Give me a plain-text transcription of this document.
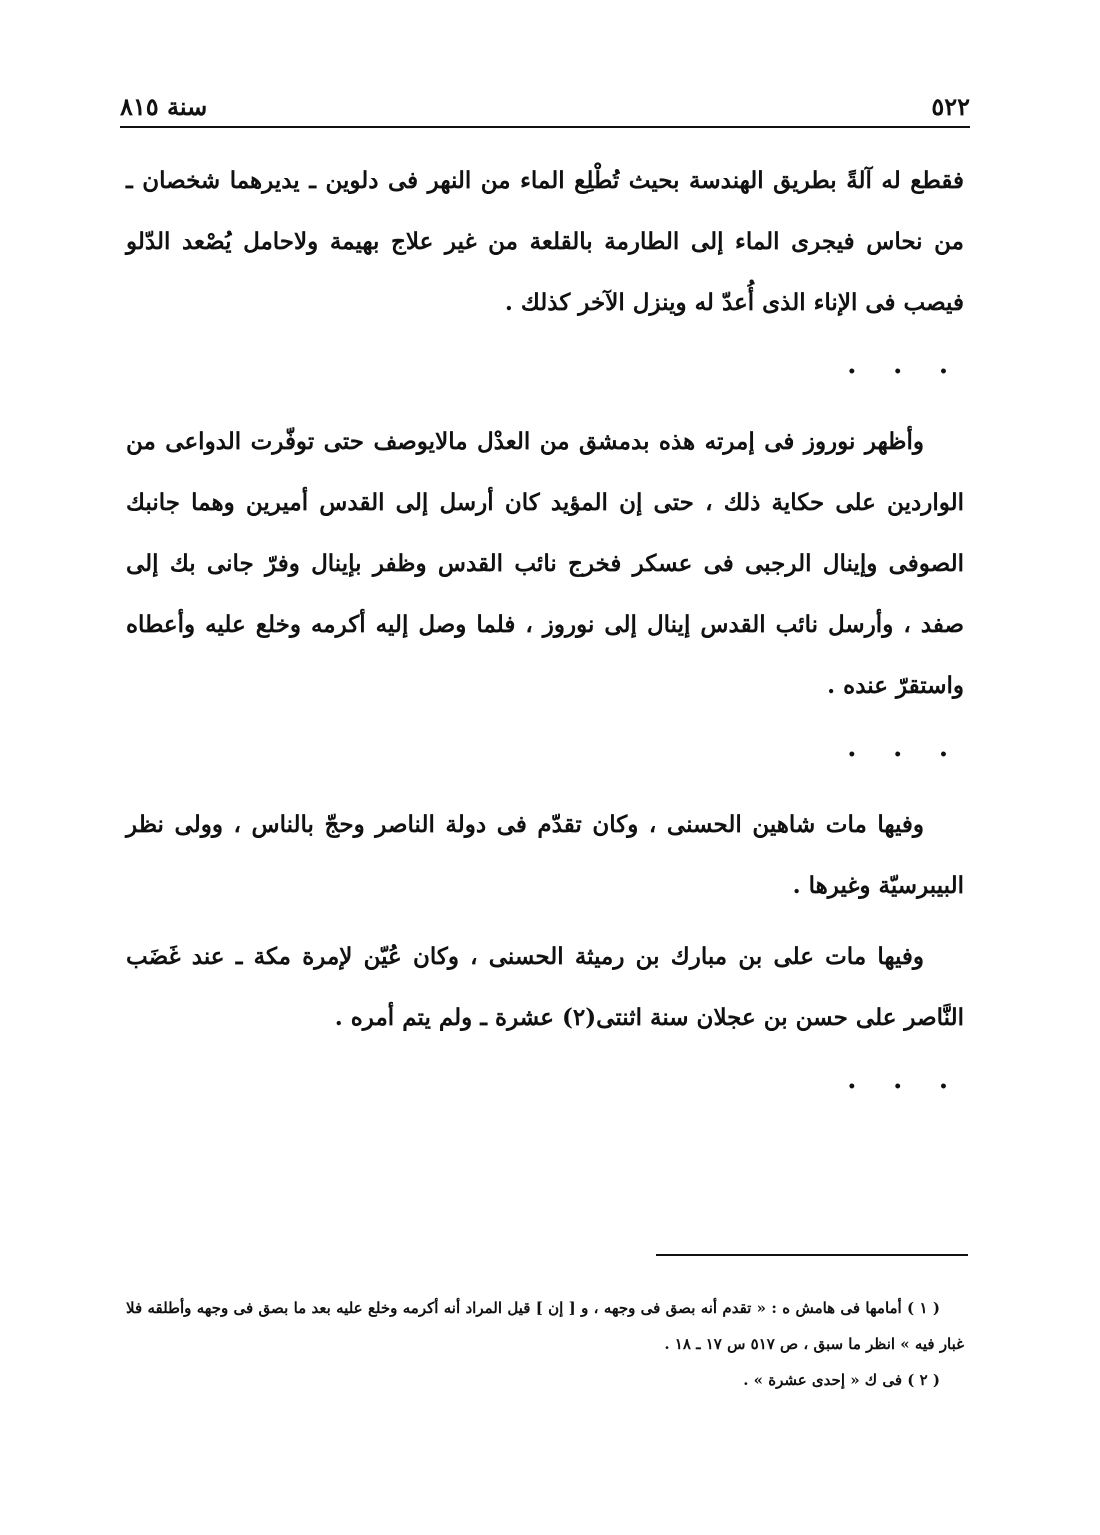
سنة ٨١٥	٥٢٢

فقطع له آلةً بطريق الهندسة بحيث تُطْلِع الماء من النهر فى دلوين ـ يديرهما شخصان ـ من نحاس فيجرى الماء إلى الطارمة بالقلعة من غير علاج بهيمة ولاحامل يُصْعد الدّلو فيصب فى الإناء الذى أُعدّ له وينزل الآخر كذلك .

• • •

وأظهر نوروز فى إمرته هذه بدمشق من العدْل مالايوصف حتى توفّرت الدواعى من الواردين على حكاية ذلك ، حتى إن المؤيد كان أرسل إلى القدس أميرين وهما جانبك الصوفى وإينال الرجبى فى عسكر فخرج نائب القدس وظفر بإينال وفرّ جانى بك إلى صفد ، وأرسل نائب القدس إينال إلى نوروز ، فلما وصل إليه أكرمه وخلع عليه وأعطاه واستقرّ عنده .

• • •

وفيها مات شاهين الحسنى ، وكان تقدّم فى دولة الناصر وحجّ بالناس ، وولى نظر البيبرسيّة وغيرها .

وفيها مات على بن مبارك بن رميثة الحسنى ، وكان عُيّن لإمرة مكة ـ عند غَضَب النَّاصر على حسن بن عجلان سنة اثنتى(٢) عشرة ـ ولم يتم أمره .

• • •

( ١ ) أمامها فى هامش ه : « تقدم أنه بصق فى وجهه ، و [ إن ] قيل المراد أنه أكرمه وخلع عليه بعد ما بصق فى وجهه وأطلقه فلا غبار فيه » انظر ما سبق ، ص ٥١٧ س ١٧ ـ ١٨ .

( ٢ ) فى ك « إحدى عشرة » .
